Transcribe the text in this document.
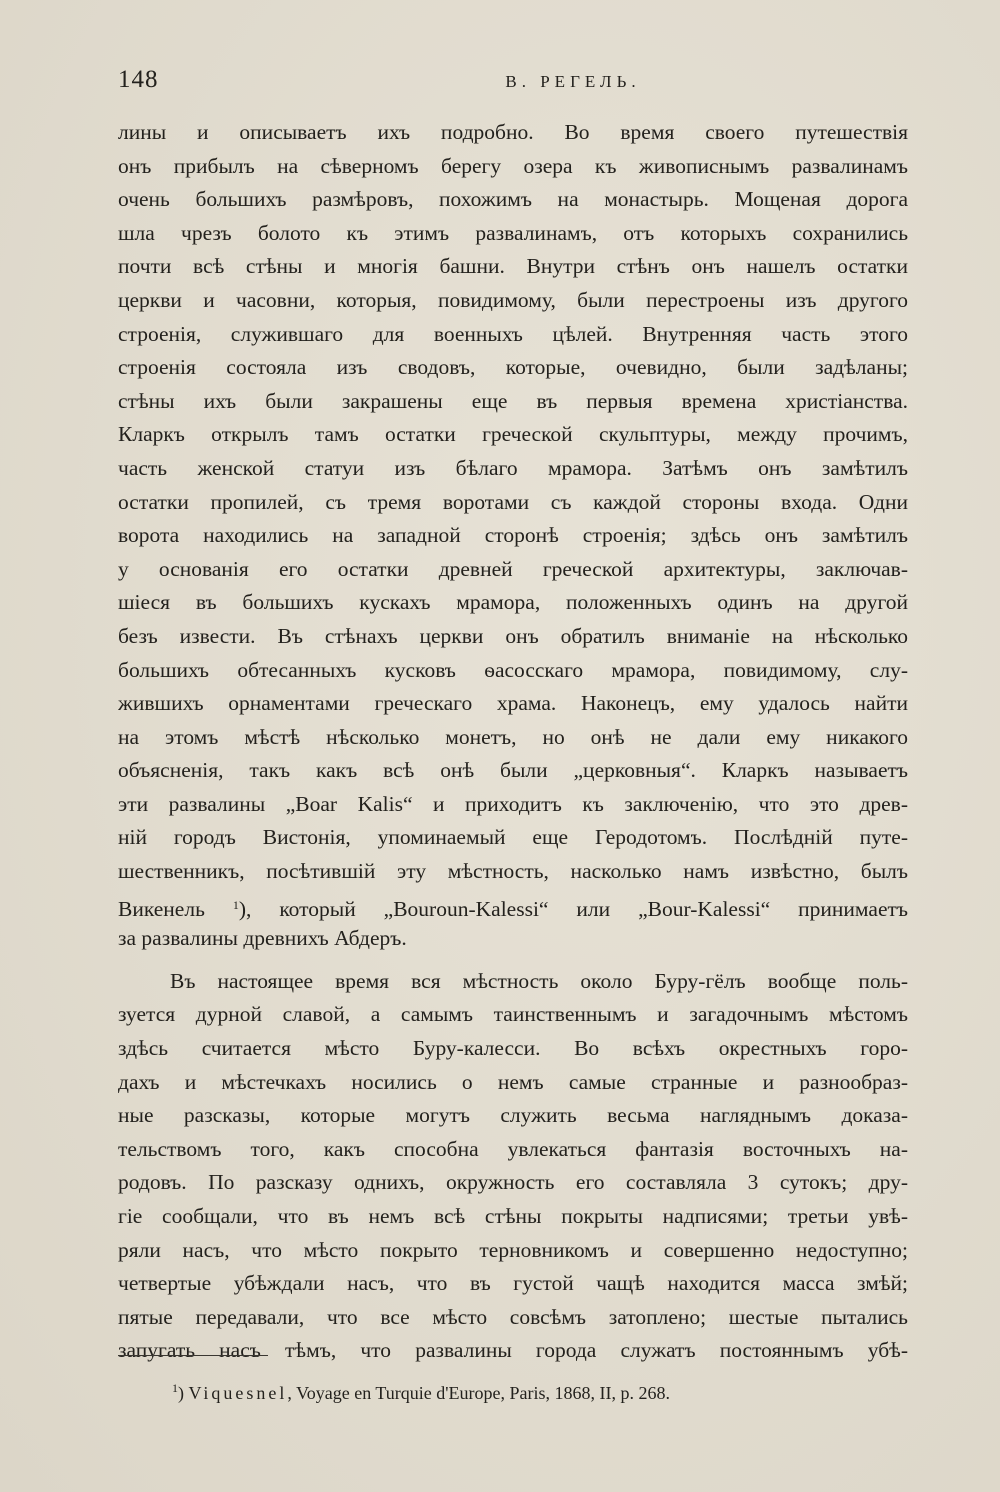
148	В. РЕГЕЛЬ.
лины и описываетъ ихъ подробно. Во время своего путешествія
онъ прибылъ на сѣверномъ берегу озера къ живописнымъ развалинамъ
очень большихъ размѣровъ, похожимъ на монастырь. Мощеная дорога
шла чрезъ болото къ этимъ развалинамъ, отъ которыхъ сохранились
почти всѣ стѣны и многія башни. Внутри стѣнъ онъ нашелъ остатки
церкви и часовни, которыя, повидимому, были перестроены изъ другого
строенія, служившаго для военныхъ цѣлей. Внутренняя часть этого
строенія состояла изъ сводовъ, которые, очевидно, были задѣланы;
стѣны ихъ были закрашены еще въ первыя времена христіанства.
Кларкъ открылъ тамъ остатки греческой скульптуры, между прочимъ,
часть женской статуи изъ бѣлаго мрамора. Затѣмъ онъ замѣтилъ
остатки пропилей, съ тремя воротами съ каждой стороны входа. Одни
ворота находились на западной сторонѣ строенія; здѣсь онъ замѣтилъ
у основанія его остатки древней греческой архитектуры, заключав-
шіеся въ большихъ кускахъ мрамора, положенныхъ одинъ на другой
безъ извести. Въ стѣнахъ церкви онъ обратилъ вниманіе на нѣсколько
большихъ обтесанныхъ кусковъ ѳасосскаго мрамора, повидимому, слу-
жившихъ орнаментами греческаго храма. Наконецъ, ему удалось найти
на этомъ мѣстѣ нѣсколько монетъ, но онѣ не дали ему никакого
объясненія, такъ какъ всѣ онѣ были „церковныя“. Кларкъ называетъ
эти развалины „Boar Kalis“ и приходитъ къ заключенію, что это древ-
ній городъ Вистонія, упоминаемый еще Геродотомъ. Послѣдній путе-
шественникъ, посѣтившій эту мѣстность, насколько намъ извѣстно, былъ
Викенель $^1$), который „Bouroun-Kalessi“ или „Bour-Kalessi“ принимаетъ
за развалины древнихъ Абдеръ.
Въ настоящее время вся мѣстность около Буру-гёлъ вообще поль-
зуется дурной славой, а самымъ таинственнымъ и загадочнымъ мѣстомъ
здѣсь считается мѣсто Буру-калесси. Во всѣхъ окрестныхъ горо-
дахъ и мѣстечкахъ носились о немъ самые странные и разнообраз-
ные разсказы, которые могутъ служить весьма нагляднымъ доказа-
тельствомъ того, какъ способна увлекаться фантазія восточныхъ на-
родовъ. По разсказу однихъ, окружность его составляла 3 сутокъ; дру-
гіе сообщали, что въ немъ всѣ стѣны покрыты надписями; третьи увѣ-
ряли насъ, что мѣсто покрыто терновникомъ и совершенно недоступно;
четвертые убѣждали насъ, что въ густой чащѣ находится масса змѣй;
пятые передавали, что все мѣсто совсѣмъ затоплено; шестые пытались
запугать насъ тѣмъ, что развалины города служатъ постояннымъ убѣ-
$^1$) Viquesnel, Voyage en Turquie d'Europe, Paris, 1868, II, p. 268.
